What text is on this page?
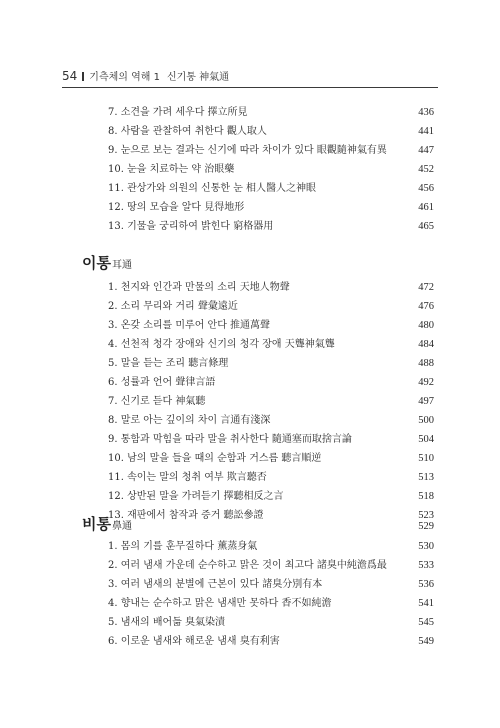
54 기측체의 역해 1 신기통 神氣通
7. 소견을 가려 세우다 擇立所見	436
8. 사람을 관찰하여 취한다 觀人取人	441
9. 눈으로 보는 결과는 신기에 따라 차이가 있다 眼觀隨神氣有異	447
10. 눈을 치료하는 약 治眼藥	452
11. 관상가와 의원의 신통한 눈 相人醫人之神眼	456
12. 땅의 모습을 알다 見得地形	461
13. 기물을 궁리하여 밝힌다 窮格器用	465
이통耳通
1. 천지와 인간과 만물의 소리 天地人物聲	472
2. 소리 무리와 거리 聲彙遠近	476
3. 온갖 소리를 미루어 안다 推通萬聲	480
4. 선천적 청각 장애와 신기의 청각 장애 天聾神氣聾	484
5. 말을 듣는 조리 聽言條理	488
6. 성률과 언어 聲律言語	492
7. 신기로 듣다 神氣聽	497
8. 말로 아는 깊이의 차이 言通有淺深	500
9. 통함과 막힘을 따라 말을 취사한다 隨通塞而取捨言論	504
10. 남의 말을 들을 때의 순함과 거스름 聽言順逆	510
11. 속이는 말의 청취 여부 欺言聽否	513
12. 상반된 말을 가려듣기 擇聽相反之言	518
13. 재판에서 참작과 증거 聽訟參證	523
비통鼻通	529
1. 몸의 기를 훈무질하다 薰蒸身氣	530
2. 여러 냄새 가운데 순수하고 맑은 것이 최고다 諸臭中純澹爲最	533
3. 여러 냄새의 분별에 근본이 있다 諸臭分別有本	536
4. 향내는 순수하고 맑은 냄새만 못하다 香不如純澹	541
5. 냄새의 배어듦 臭氣染漬	545
6. 이로운 냄새와 해로운 냄새 臭有利害	549
